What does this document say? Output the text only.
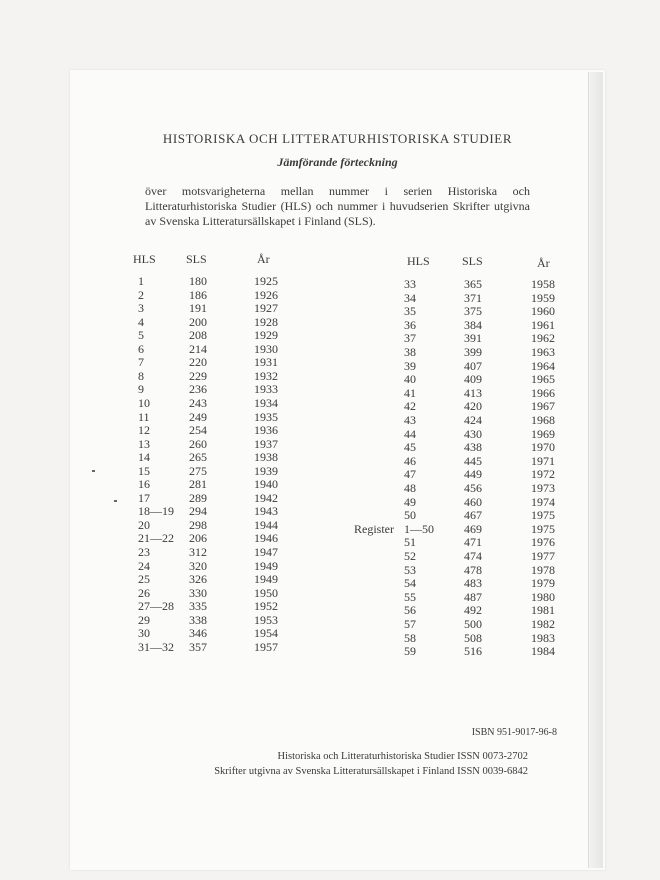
HISTORISKA OCH LITTERATURHISTORISKA STUDIER
Jämförande förteckning
över motsvarigheterna mellan nummer i serien Historiska och Litteraturhistoriska Studier (HLS) och nummer i huvudserien Skrifter utgivna av Svenska Litteratursällskapet i Finland (SLS).
HLS	SLS	År	HLS	SLS	År
1	180	1925
2	186	1926
3	191	1927
4	200	1928
5	208	1929
6	214	1930
7	220	1931
8	229	1932
9	236	1933
10	243	1934
11	249	1935
12	254	1936
13	260	1937
14	265	1938
15	275	1939
16	281	1940
17	289	1942
18—19 294	1943
20	298	1944
21—22 206	1946
23	312	1947
24	320	1949
25	326	1949
26	330	1950
27—28 335	1952
29	338	1953
30	346	1954
31—32 357	1957
33	365	1958
34	371	1959
35	375	1960
36	384	1961
37	391	1962
38	399	1963
39	407	1964
40	409	1965
41	413	1966
42	420	1967
43	424	1968
44	430	1969
45	438	1970
46	445	1971
47	449	1972
48	456	1973
49	460	1974
50	467	1975
Register 1—50	469	1975
51	471	1976
52	474	1977
53	478	1978
54	483	1979
55	487	1980
56	492	1981
57	500	1982
58	508	1983
59	516	1984
ISBN 951-9017-96-8
Historiska och Litteraturhistoriska Studier ISSN 0073-2702
Skrifter utgivna av Svenska Litteratursällskapet i Finland ISSN 0039-6842
